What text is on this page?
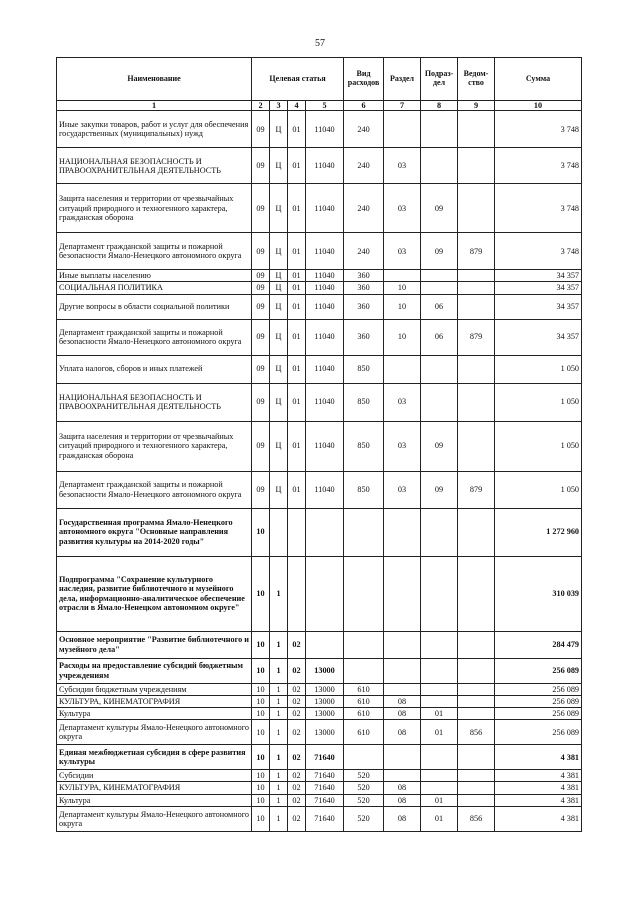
57
Наименование	Целевая статья				Вид расходов	Раздел	Подраз-дел	Ведом-ство	Сумма
1	2	3	4	5	6	7	8	9	10
Иные закупки товаров, работ и услуг для обеспечения государственных (муниципальных) нужд	09	Ц	01	11040	240				3 748
НАЦИОНАЛЬНАЯ БЕЗОПАСНОСТЬ И ПРАВООХРАНИТЕЛЬНАЯ ДЕЯТЕЛЬНОСТЬ	09	Ц	01	11040	240	03			3 748
Защита населения и территории от чрезвычайных ситуаций природного и техногенного характера, гражданская оборона	09	Ц	01	11040	240	03	09		3 748
Департамент гражданской защиты и пожарной безопасности Ямало-Ненецкого автономного округа	09	Ц	01	11040	240	03	09	879	3 748
Иные выплаты населению	09	Ц	01	11040	360				34 357
СОЦИАЛЬНАЯ ПОЛИТИКА	09	Ц	01	11040	360	10			34 357
Другие вопросы в области социальной политики	09	Ц	01	11040	360	10	06		34 357
Департамент гражданской защиты и пожарной безопасности Ямало-Ненецкого автономного округа	09	Ц	01	11040	360	10	06	879	34 357
Уплата налогов, сборов и иных платежей	09	Ц	01	11040	850				1 050
НАЦИОНАЛЬНАЯ БЕЗОПАСНОСТЬ И ПРАВООХРАНИТЕЛЬНАЯ ДЕЯТЕЛЬНОСТЬ	09	Ц	01	11040	850	03			1 050
Защита населения и территории от чрезвычайных ситуаций природного и техногенного характера, гражданская оборона	09	Ц	01	11040	850	03	09		1 050
Департамент гражданской защиты и пожарной безопасности Ямало-Ненецкого автономного округа	09	Ц	01	11040	850	03	09	879	1 050
Государственная программа Ямало-Ненецкого автономного округа "Основные направления развития культуры на 2014-2020 годы"	10								1 272 960
Подпрограмма "Сохранение культурного наследия, развитие библиотечного и музейного дела, информационно-аналитическое обеспечение отрасли в Ямало-Ненецком автономном округе"	10	1							310 039
Основное мероприятие "Развитие библиотечного и музейного дела"	10	1	02						284 479
Расходы на предоставление субсидий бюджетным учреждениям	10	1	02	13000					256 089
Субсидии бюджетным учреждениям	10	1	02	13000	610				256 089
КУЛЬТУРА, КИНЕМАТОГРАФИЯ	10	1	02	13000	610	08			256 089
Культура	10	1	02	13000	610	08	01		256 089
Департамент культуры Ямало-Ненецкого автономного округа	10	1	02	13000	610	08	01	856	256 089
Единая межбюджетная субсидия в сфере развития культуры	10	1	02	71640					4 381
Субсидии	10	1	02	71640	520				4 381
КУЛЬТУРА, КИНЕМАТОГРАФИЯ	10	1	02	71640	520	08			4 381
Культура	10	1	02	71640	520	08	01		4 381
Департамент культуры Ямало-Ненецкого автономного округа	10	1	02	71640	520	08	01	856	4 381
